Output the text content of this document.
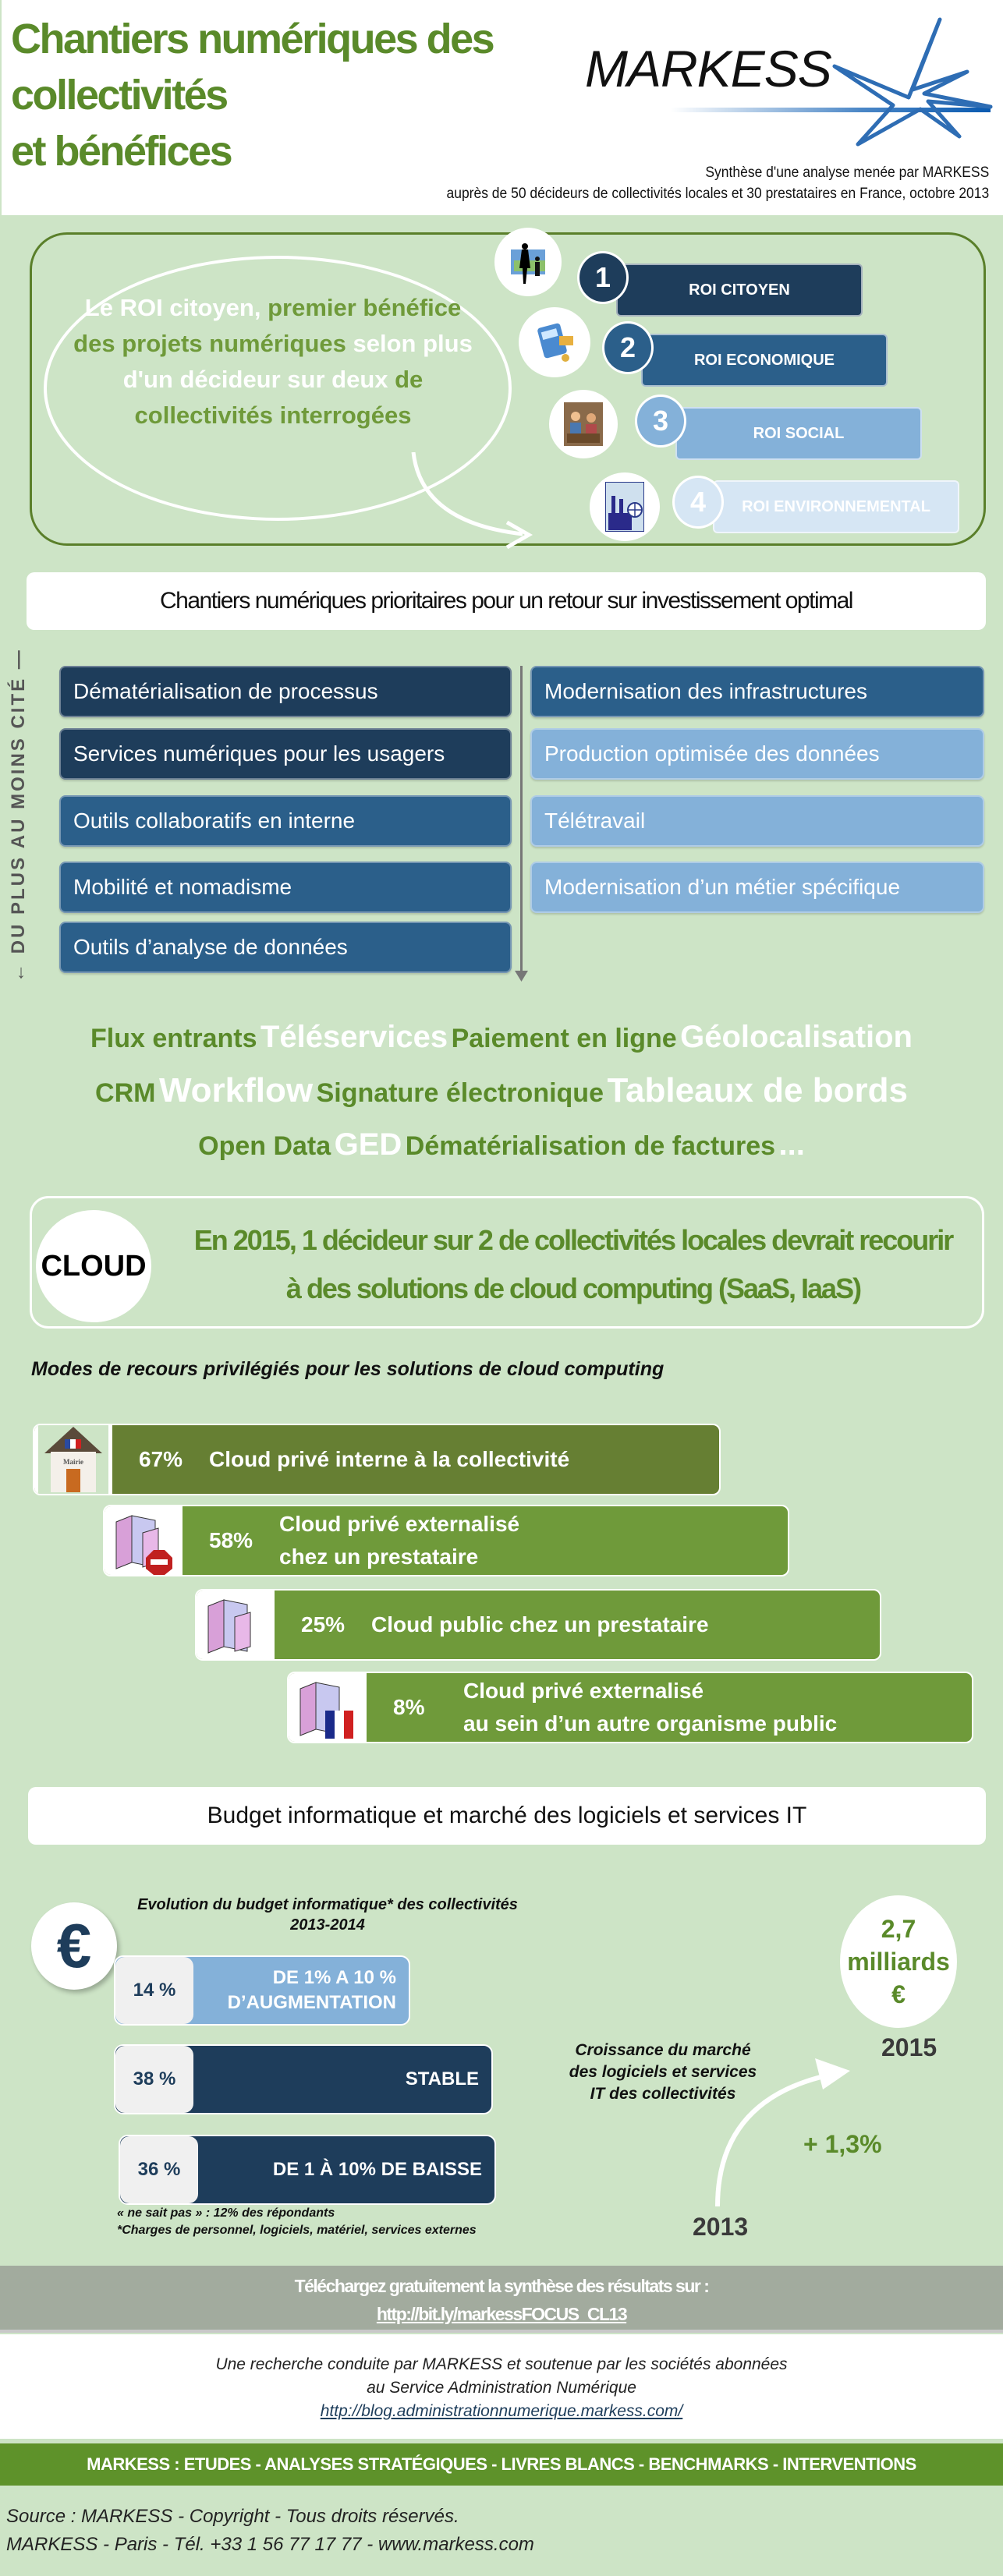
Chantiers numériques des
collectivités
et bénéfices
MARKESS
Synthèse d'une analyse menée par MARKESS
auprès de 50 décideurs de collectivités locales et 30 prestataires en France, octobre 2013
Le ROI citoyen, premier bénéfice des projets numériques selon plus d'un décideur sur deux de collectivités interrogées
1	ROI CITOYEN
2	ROI ECONOMIQUE
3	ROI SOCIAL
4	ROI ENVIRONNEMENTAL
Chantiers numériques prioritaires pour un retour sur investissement optimal
← DU PLUS AU MOINS CITÉ —
Dématérialisation de processus
Services numériques pour les usagers
Outils collaboratifs en interne
Mobilité et nomadisme
Outils d’analyse de données
Modernisation des infrastructures
Production optimisée des données
Télétravail
Modernisation d’un métier spécifique
Flux entrants Téléservices Paiement en ligne Géolocalisation
CRM Workflow Signature électronique Tableaux de bords
Open Data GED Dématérialisation de factures ...
CLOUD
En 2015, 1 décideur sur 2 de collectivités locales devrait recourir
à des solutions de cloud computing (SaaS, IaaS)
Modes de recours privilégiés pour les solutions de cloud computing
Mairie	67%	Cloud privé interne à la collectivité
58%
Cloud privé externalisé
chez un prestataire
25%	Cloud public chez un prestataire
8%
Cloud privé externalisé
au sein d’un autre organisme public
Budget informatique et marché des logiciels et services IT
€
Evolution du budget informatique* des collectivités
2013-2014
14 %
DE 1% A 10 %
D’AUGMENTATION
38 %	STABLE
36 %	DE 1 À 10% DE BAISSE
« ne sait pas » : 12% des répondants
*Charges de personnel, logiciels, matériel, services externes
2,7
milliards
€
2015
Croissance du marché
des logiciels et services
IT des collectivités
+ 1,3%
2013
Téléchargez gratuitement la synthèse des résultats sur :
http://bit.ly/markessFOCUS_CL13
Une recherche conduite par MARKESS et soutenue par les sociétés abonnées
au Service Administration Numérique
http://blog.administrationnumerique.markess.com/
MARKESS : ETUDES - ANALYSES STRATÉGIQUES - LIVRES BLANCS - BENCHMARKS - INTERVENTIONS
Source : MARKESS - Copyright - Tous droits réservés.
MARKESS - Paris - Tél. +33 1 56 77 17 77 - www.markess.com
